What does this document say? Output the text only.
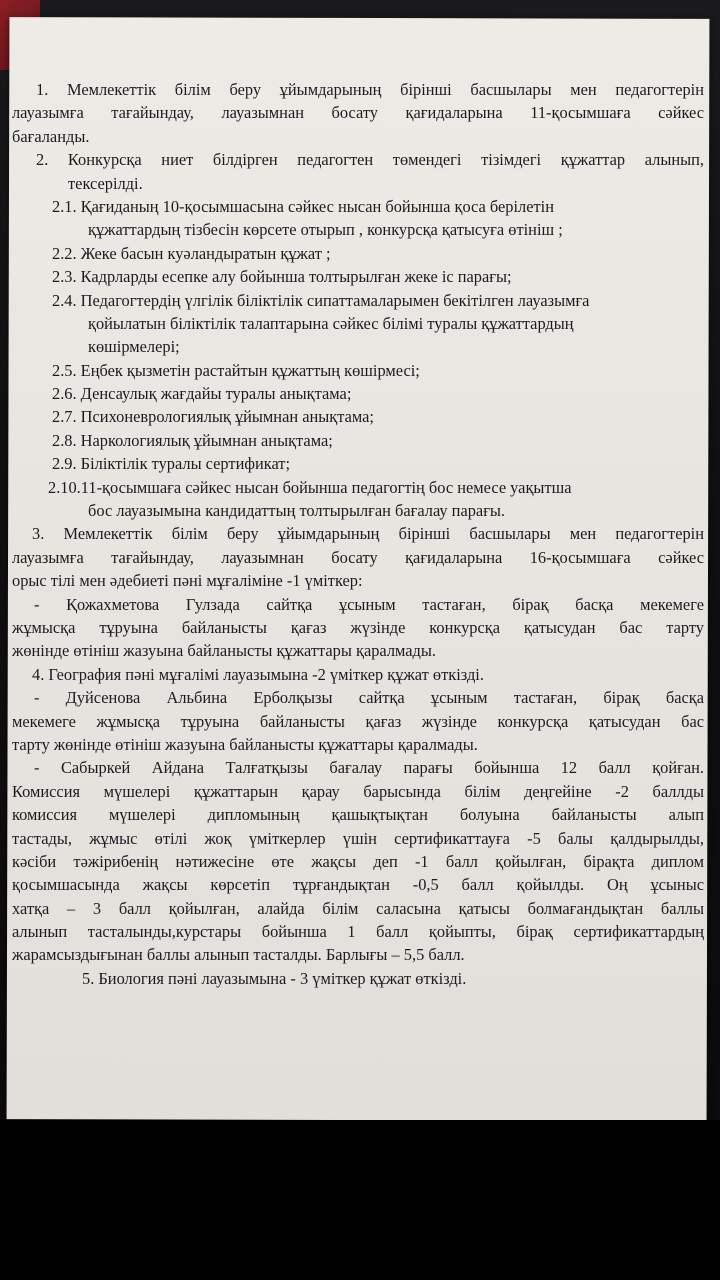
1. Мемлекеттік білім беру ұйымдарының бірінші басшылары мен педагогтерін
лауазымға тағайындау, лауазымнан босату қағидаларына 11-қосымшаға сәйкес
бағаланды.
2. Конкурсқа ниет білдірген педагогтен төмендегі тізімдегі құжаттар алынып,
тексерілді.
2.1. Қағиданың 10-қосымшасына сәйкес нысан бойынша қоса берілетін
құжаттардың тізбесін көрсете отырып , конкурсқа қатысуға өтініш ;
2.2. Жеке басын куәландыратын құжат ;
2.3. Кадрларды есепке алу бойынша толтырылған жеке іс парағы;
2.4. Педагогтердің үлгілік біліктілік сипаттамаларымен бекітілген лауазымға
қойылатын біліктілік талаптарына сәйкес білімі туралы құжаттардың
көшірмелері;
2.5. Еңбек қызметін растайтын құжаттың көшірмесі;
2.6. Денсаулық жағдайы туралы анықтама;
2.7. Психоневрологиялық ұйымнан анықтама;
2.8. Наркологиялық ұйымнан анықтама;
2.9. Біліктілік туралы сертификат;
2.10.11-қосымшаға сәйкес нысан бойынша педагогтің бос немесе уақытша
бос лауазымына кандидаттың толтырылған бағалау парағы.
3. Мемлекеттік білім беру ұйымдарының бірінші басшылары мен педагогтерін
лауазымға тағайындау, лауазымнан босату қағидаларына 16-қосымшаға сәйкес
орыс тілі мен әдебиеті пәні мұғаліміне -1 үміткер:
- Қожахметова Гулзада сайтқа ұсыным тастаған, бірақ басқа мекемеге
жұмысқа тұруына байланысты қағаз жүзінде конкурсқа қатысудан бас тарту
жөнінде өтініш жазуына байланысты құжаттары қаралмады.
4. География пәні мұғалімі лауазымына -2 үміткер құжат өткізді.
- Дуйсенова Альбина Ерболқызы сайтқа ұсыным тастаған, бірақ басқа
мекемеге жұмысқа тұруына байланысты қағаз жүзінде конкурсқа қатысудан бас
тарту жөнінде өтініш жазуына байланысты құжаттары қаралмады.
- Сабыркей Айдана Талғатқызы бағалау парағы бойынша 12 балл қойған.
Комиссия мүшелері құжаттарын қарау барысында білім деңгейіне -2 баллды
комиссия мүшелері дипломының қашықтықтан болуына байланысты алып
тастады, жұмыс өтілі жоқ үміткерлер үшін сертификаттауға -5 балы қалдырылды,
кәсіби тәжірибенің нәтижесіне өте жақсы деп -1 балл қойылған, бірақта диплом
қосымшасында жақсы көрсетіп тұрғандықтан -0,5 балл қойылды. Оң ұсыныс
хатқа – 3 балл қойылған, алайда білім саласына қатысы болмағандықтан баллы
алынып тасталынды,курстары бойынша 1 балл қойыпты, бірақ сертификаттардың
жарамсыздығынан баллы алынып тасталды. Барлығы – 5,5 балл.
5. Биология пәні лауазымына - 3 үміткер құжат өткізді.
